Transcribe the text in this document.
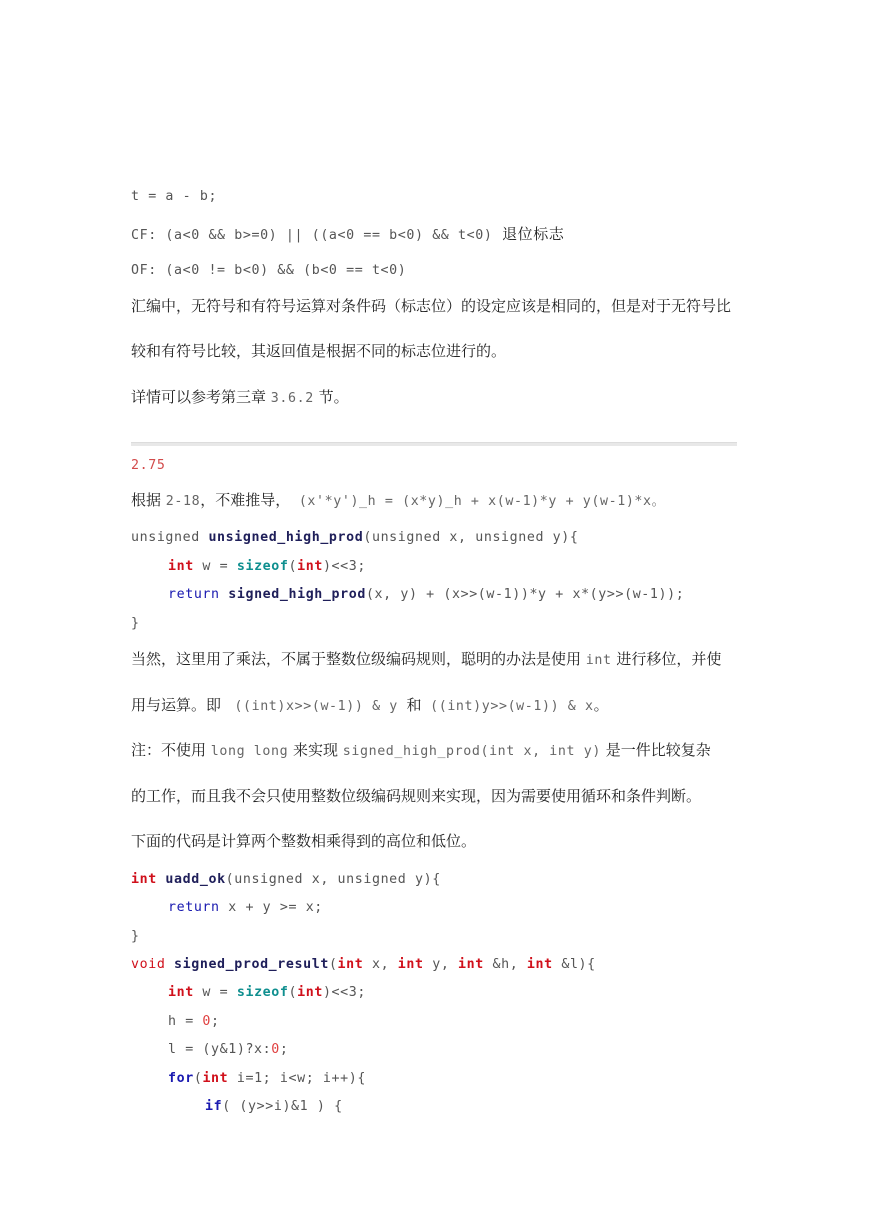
t = a - b;
CF: (a<0 && b>=0) || ((a<0 == b<0) && t<0) 退位标志
OF: (a<0 != b<0) && (b<0 == t<0)
汇编中，无符号和有符号运算对条件码（标志位）的设定应该是相同的，但是对于无符号比
较和有符号比较，其返回值是根据不同的标志位进行的。
详情可以参考第三章 3.6.2 节。
2.75
根据 2-18，不难推导， (x'*y')_h = (x*y)_h + x(w-1)*y + y(w-1)*x。
unsigned unsigned_high_prod(unsigned x, unsigned y){
int w = sizeof(int)<<3;
return signed_high_prod(x, y) + (x>>(w-1))*y + x*(y>>(w-1));
}
当然，这里用了乘法，不属于整数位级编码规则，聪明的办法是使用 int 进行移位，并使
用与运算。即  ((int)x>>(w-1)) & y 和 ((int)y>>(w-1)) & x。
注：不使用 long long 来实现 signed_high_prod(int x, int y) 是一件比较复杂
的工作，而且我不会只使用整数位级编码规则来实现，因为需要使用循环和条件判断。
下面的代码是计算两个整数相乘得到的高位和低位。
int uadd_ok(unsigned x, unsigned y){
return x + y >= x;
}
void signed_prod_result(int x, int y, int &h, int &l){
int w = sizeof(int)<<3;
h = 0;
l = (y&1)?x:0;
for(int i=1; i<w; i++){
if( (y>>i)&1 ) {
